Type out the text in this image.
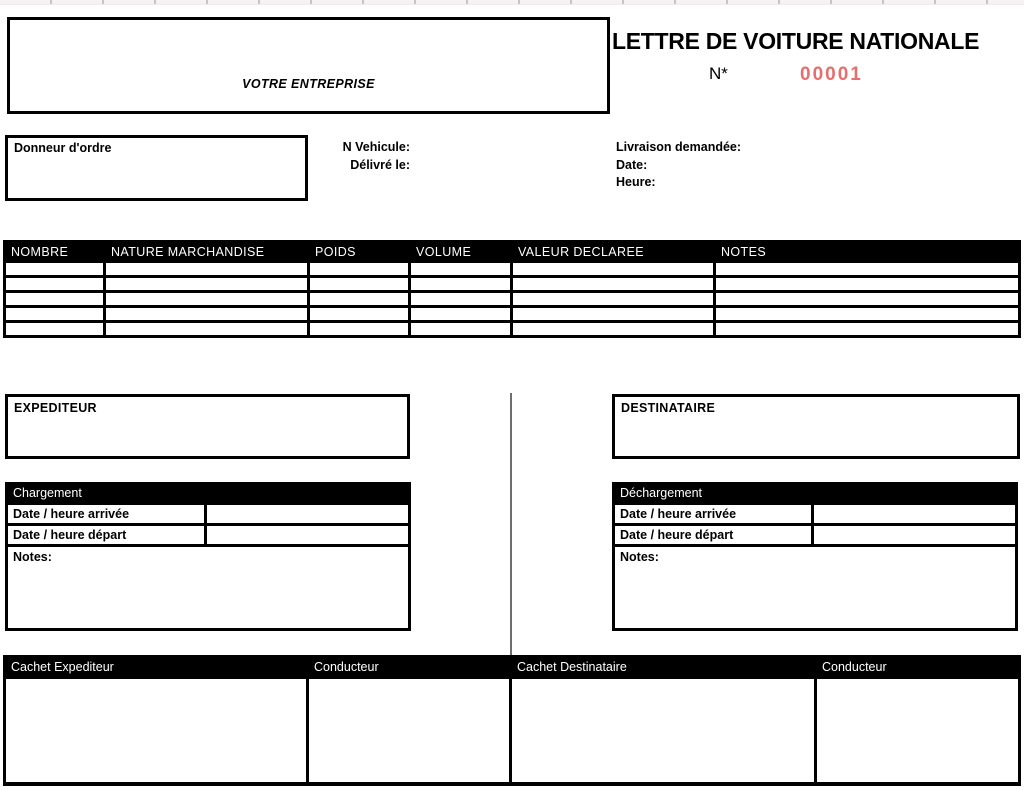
VOTRE ENTREPRISE
LETTRE DE VOITURE NATIONALE
N*	00001
Donneur d'ordre	N Vehicule:
Délivré le:
Livraison demandée:
Date:
Heure:
NOMBRE	NATURE MARCHANDISE	POIDS	VOLUME	VALEUR DECLAREE	NOTES

EXPEDITEUR	DESTINATAIRE
Chargement
Date / heure arrivée
Date / heure départ
Notes:
Déchargement
Date / heure arrivée
Date / heure départ
Notes:
Cachet Expediteur	Conducteur	Cachet Destinataire	Conducteur
